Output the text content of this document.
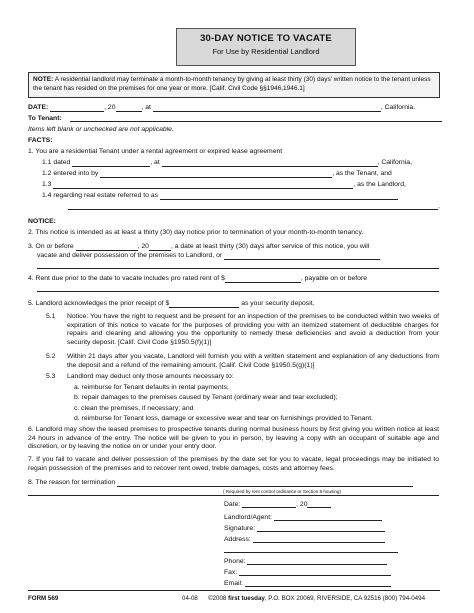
30-DAY NOTICE TO VACATE
For Use by Residential Landlord
NOTE: A residential landlord may terminate a month-to-month tenancy by giving at least thirty (30) days' written notice to the tenant unless the tenant has resided on the premises for one year or more. [Calif. Civil Code §§1946,1946.1]
DATE:	, 20	, at	, California.
To Tenant:
Items left blank or unchecked are not applicable.
FACTS:
1. You are a residential Tenant under a rental agreement or expired lease agreement
1.1 dated	, at	, California,
1.2 entered into by	, as the Tenant, and
1.3	, as the Landlord,
1.4 regarding real estate referred to as
.
NOTICE:
2. This notice is intended as at least a thirty (30) day notice prior to termination of your month-to-month tenancy.
3. On or before	, 20	, a date at least thirty (30) days after service of this notice, you will
vacate and deliver possession of the premises to Landlord, or
4. Rent due prior to the date to vacate includes pro rated rent of $	, payable on or before
5. Landlord acknowledges the prior receipt of $	as your security deposit.
5.1 Notice: You have the right to request and be present for an inspection of the premises to be conducted within two weeks of expiration of this notice to vacate for the purposes of providing you with an itemized statement of deductible charges for repairs and cleaning and allowing you the opportunity to remedy these deficiencies and avoid a deduction from your security deposit. [Calif. Civil Code §1950.5(f)(1)]
5.2 Within 21 days after you vacate, Landlord will furnish you with a written statement and explanation of any deductions from the deposit and a refund of the remaining amount. [Calif. Civil Code §1950.5(g)(1)]
5.3 Landlord may deduct only those amounts necessary to:
a. reimburse for Tenant defaults in rental payments;
b. repair damages to the premises caused by Tenant (ordinary wear and tear excluded);
c. clean the premises, if necessary; and
d. reimburse for Tenant loss, damage or excessive wear and tear on furnishings provided to Tenant.
6. Landlord may show the leased premises to prospective tenants during normal business hours by first giving you written notice at least 24 hours in advance of the entry. The notice will be given to you in person, by leaving a copy with an occupant of suitable age and discretion, or by leaving the notice on or under your entry door.
7. If you fail to vacate and deliver possession of the premises by the date set for you to vacate, legal proceedings may be initiated to regain possession of the premises and to recover rent owed, treble damages, costs and attorney fees.
8. The reason for termination
( Required by rent control ordinance or Section 8 housing)
Date:	, 20
Landlord/Agent:
Signature:
Address:
Phone:
Fax:
Email:
FORM 569	04-08 ©2008 first tuesday, P.O. BOX 20069, RIVERSIDE, CA 92516 (800) 794-0494
